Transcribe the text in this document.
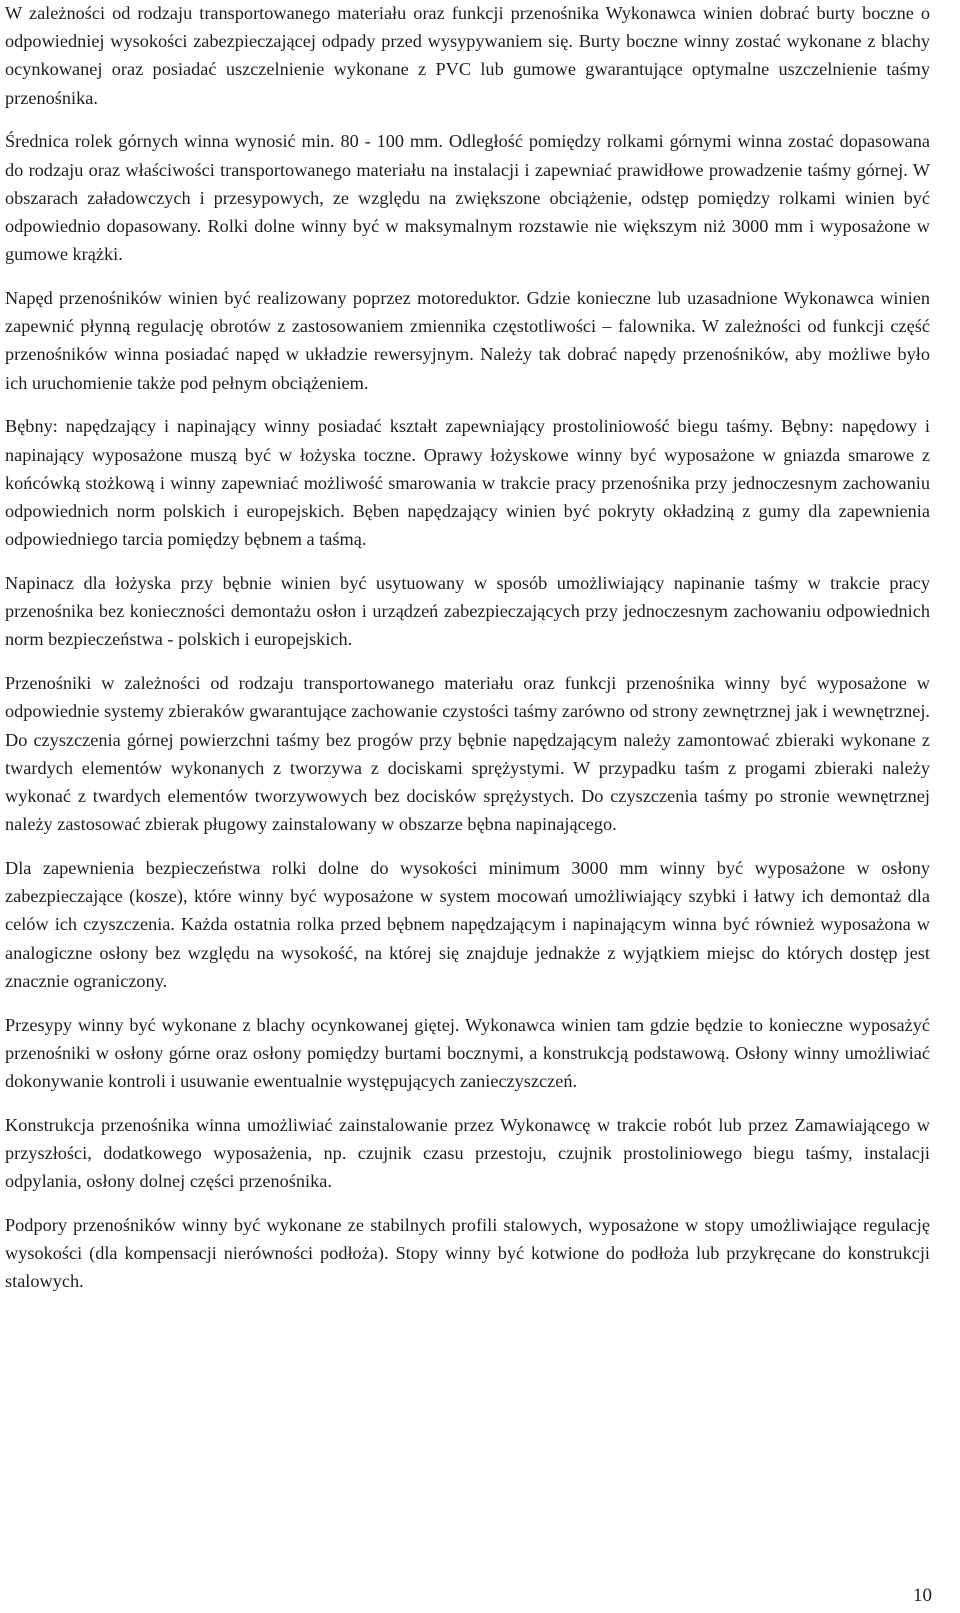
W zależności od rodzaju transportowanego materiału oraz funkcji przenośnika Wykonawca winien dobrać burty boczne o odpowiedniej wysokości zabezpieczającej odpady przed wysypywaniem się. Burty boczne winny zostać wykonane z blachy ocynkowanej oraz posiadać uszczelnienie wykonane z PVC lub gumowe gwarantujące optymalne uszczelnienie taśmy przenośnika.

Średnica rolek górnych winna wynosić min. 80 - 100 mm. Odległość pomiędzy rolkami górnymi winna zostać dopasowana do rodzaju oraz właściwości transportowanego materiału na instalacji i zapewniać prawidłowe prowadzenie taśmy górnej. W obszarach załadowczych i przesypowych, ze względu na zwiększone obciążenie, odstęp pomiędzy rolkami winien być odpowiednio dopasowany. Rolki dolne winny być w maksymalnym rozstawie nie większym niż 3000 mm i wyposażone w gumowe krążki.

Napęd przenośników winien być realizowany poprzez motoreduktor. Gdzie konieczne lub uzasadnione Wykonawca winien zapewnić płynną regulację obrotów z zastosowaniem zmiennika częstotliwości – falownika. W zależności od funkcji część przenośników winna posiadać napęd w układzie rewersyjnym. Należy tak dobrać napędy przenośników, aby możliwe było ich uruchomienie także pod pełnym obciążeniem.

Bębny: napędzający i napinający winny posiadać kształt zapewniający prostoliniowość biegu taśmy. Bębny: napędowy i napinający wyposażone muszą być w łożyska toczne. Oprawy łożyskowe winny być wyposażone w gniazda smarowe z końcówką stożkową i winny zapewniać możliwość smarowania w trakcie pracy przenośnika przy jednoczesnym zachowaniu odpowiednich norm polskich i europejskich. Bęben napędzający winien być pokryty okładziną z gumy dla zapewnienia odpowiedniego tarcia pomiędzy bębnem a taśmą.

Napinacz dla łożyska przy bębnie winien być usytuowany w sposób umożliwiający napinanie taśmy w trakcie pracy przenośnika bez konieczności demontażu osłon i urządzeń zabezpieczających przy jednoczesnym zachowaniu odpowiednich norm bezpieczeństwa - polskich i europejskich.

Przenośniki w zależności od rodzaju transportowanego materiału oraz funkcji przenośnika winny być wyposażone w odpowiednie systemy zbieraków gwarantujące zachowanie czystości taśmy zarówno od strony zewnętrznej jak i wewnętrznej. Do czyszczenia górnej powierzchni taśmy bez progów przy bębnie napędzającym należy zamontować zbieraki wykonane z twardych elementów wykonanych z tworzywa z dociskami sprężystymi. W przypadku taśm z progami zbieraki należy wykonać z twardych elementów tworzywowych bez docisków sprężystych. Do czyszczenia taśmy po stronie wewnętrznej należy zastosować zbierak pługowy zainstalowany w obszarze bębna napinającego.

Dla zapewnienia bezpieczeństwa rolki dolne do wysokości minimum 3000 mm winny być wyposażone w osłony zabezpieczające (kosze), które winny być wyposażone w system mocowań umożliwiający szybki i łatwy ich demontaż dla celów ich czyszczenia. Każda ostatnia rolka przed bębnem napędzającym i napinającym winna być również wyposażona w analogiczne osłony bez względu na wysokość, na której się znajduje jednakże z wyjątkiem miejsc do których dostęp jest znacznie ograniczony.

Przesypy winny być wykonane z blachy ocynkowanej giętej. Wykonawca winien tam gdzie będzie to konieczne wyposażyć przenośniki w osłony górne oraz osłony pomiędzy burtami bocznymi, a konstrukcją podstawową. Osłony winny umożliwiać dokonywanie kontroli i usuwanie ewentualnie występujących zanieczyszczeń.

Konstrukcja przenośnika winna umożliwiać zainstalowanie przez Wykonawcę w trakcie robót lub przez Zamawiającego w przyszłości, dodatkowego wyposażenia, np. czujnik czasu przestoju, czujnik prostoliniowego biegu taśmy, instalacji odpylania, osłony dolnej części przenośnika.

Podpory przenośników winny być wykonane ze stabilnych profili stalowych, wyposażone w stopy umożliwiające regulację wysokości (dla kompensacji nierówności podłoża). Stopy winny być kotwione do podłoża lub przykręcane do konstrukcji stalowych.

10
